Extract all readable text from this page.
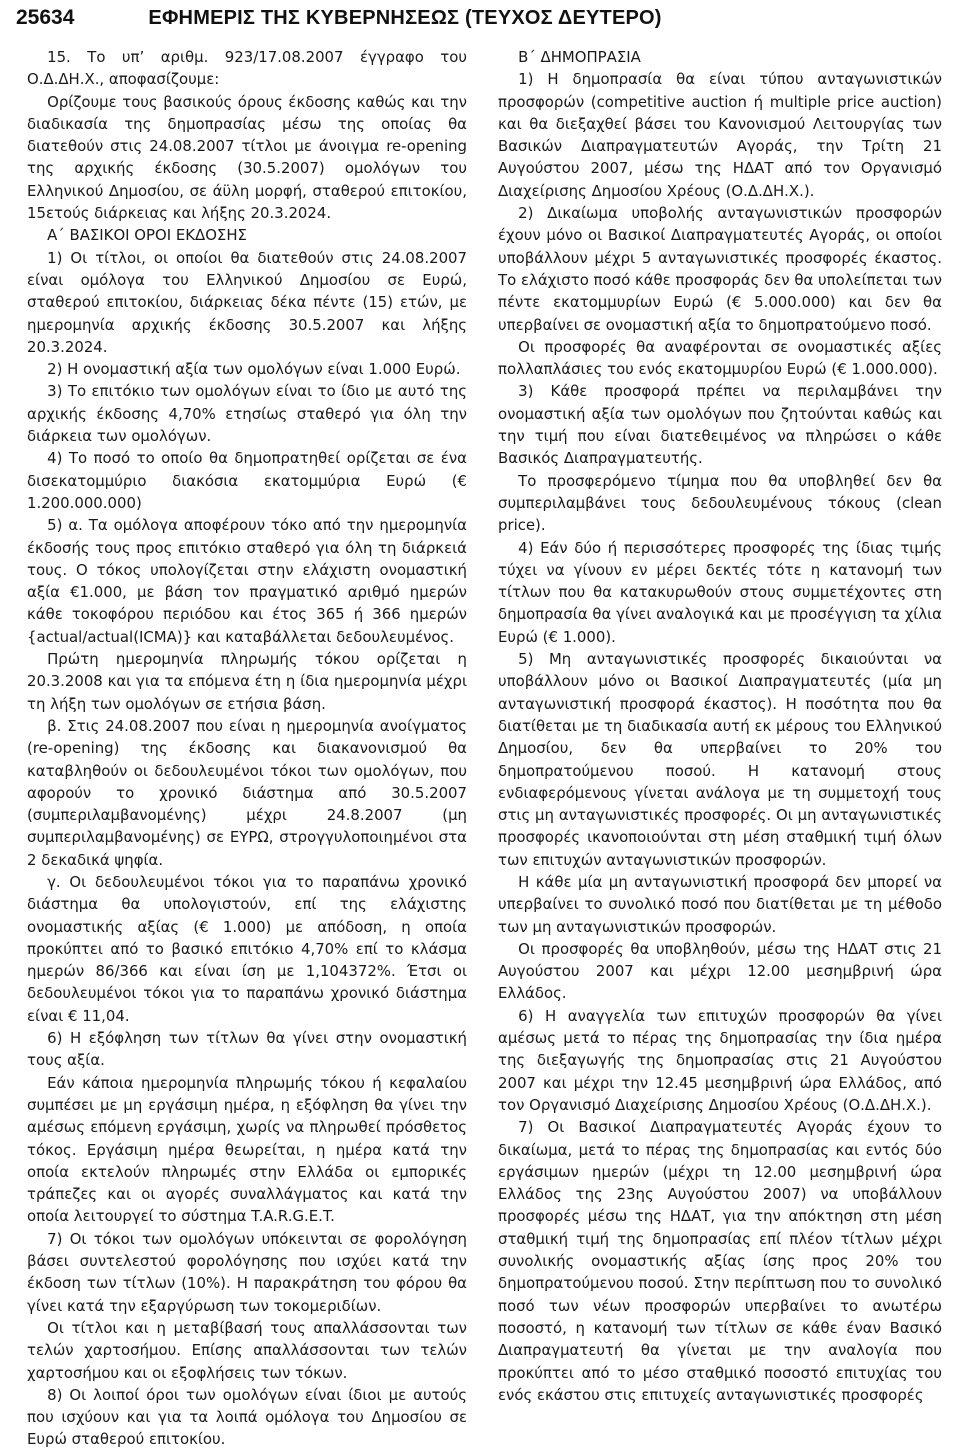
25634	ΕΦΗΜΕΡΙΣ ΤΗΣ ΚΥΒΕΡΝΗΣΕΩΣ (ΤΕΥΧΟΣ ΔΕΥΤΕΡΟ)

15. Το υπ’ αριθμ. 923/17.08.2007 έγγραφο του Ο.Δ.ΔΗ.Χ., αποφασίζουμε:

Ορίζουμε τους βασικούς όρους έκδοσης καθώς και την διαδικασία της δημοπρασίας μέσω της οποίας θα διατεθούν στις 24.08.2007 τίτλοι με άνοιγμα re-opening της αρχικής έκδοσης (30.5.2007) ομολόγων του Ελληνικού Δημοσίου, σε άϋλη μορφή, σταθερού επιτοκίου, 15ετούς διάρκειας και λήξης 20.3.2024.

Α΄ ΒΑΣΙΚΟΙ ΟΡΟΙ ΕΚΔΟΣΗΣ

1) Οι τίτλοι, οι οποίοι θα διατεθούν στις 24.08.2007 είναι ομόλογα του Ελληνικού Δημοσίου σε Ευρώ, σταθερού επιτοκίου, διάρκειας δέκα πέντε (15) ετών, με ημερομηνία αρχικής έκδοσης 30.5.2007 και λήξης 20.3.2024.

2) Η ονομαστική αξία των ομολόγων είναι 1.000 Ευρώ.

3) Το επιτόκιο των ομολόγων είναι το ίδιο με αυτό της αρχικής έκδοσης 4,70% ετησίως σταθερό για όλη την διάρκεια των ομολόγων.

4) Το ποσό το οποίο θα δημοπρατηθεί ορίζεται σε ένα δισεκατομμύριο διακόσια εκατομμύρια Ευρώ (€ 1.200.000.000)

5) α. Τα ομόλογα αποφέρουν τόκο από την ημερομηνία έκδοσής τους προς επιτόκιο σταθερό για όλη τη διάρκειά τους. Ο τόκος υπολογίζεται στην ελάχιστη ονομαστική αξία €1.000, με βάση τον πραγματικό αριθμό ημερών κάθε τοκοφόρου περιόδου και έτος 365 ή 366 ημερών {actual/actual(ICMA)} και καταβάλλεται δεδουλευμένος.

Πρώτη ημερομηνία πληρωμής τόκου ορίζεται η 20.3.2008 και για τα επόμενα έτη η ίδια ημερομηνία μέχρι τη λήξη των ομολόγων σε ετήσια βάση.

β. Στις 24.08.2007 που είναι η ημερομηνία ανοίγματος (re-opening) της έκδοσης και διακανονισμού θα καταβληθούν οι δεδουλευμένοι τόκοι των ομολόγων, που αφορούν το χρονικό διάστημα από 30.5.2007 (συμπεριλαμβανομένης) μέχρι 24.8.2007 (μη συμπεριλαμβανομένης) σε ΕΥΡΩ, στρογγυλοποιημένοι στα 2 δεκαδικά ψηφία.

γ. Οι δεδουλευμένοι τόκοι για το παραπάνω χρονικό διάστημα θα υπολογιστούν, επί της ελάχιστης ονομαστικής αξίας (€ 1.000) με απόδοση, η οποία προκύπτει από το βασικό επιτόκιο 4,70% επί το κλάσμα ημερών 86/366 και είναι ίση με 1,104372%. Έτσι οι δεδουλευμένοι τόκοι για το παραπάνω χρονικό διάστημα είναι € 11,04.

6) Η εξόφληση των τίτλων θα γίνει στην ονομαστική τους αξία.

Εάν κάποια ημερομηνία πληρωμής τόκου ή κεφαλαίου συμπέσει με μη εργάσιμη ημέρα, η εξόφληση θα γίνει την αμέσως επόμενη εργάσιμη, χωρίς να πληρωθεί πρόσθετος τόκος. Εργάσιμη ημέρα θεωρείται, η ημέρα κατά την οποία εκτελούν πληρωμές στην Ελλάδα οι εμπορικές τράπεζες και οι αγορές συναλλάγματος και κατά την οποία λειτουργεί το σύστημα T.A.R.G.E.T.

7) Οι τόκοι των ομολόγων υπόκεινται σε φορολόγηση βάσει συντελεστού φορολόγησης που ισχύει κατά την έκδοση των τίτλων (10%). Η παρακράτηση του φόρου θα γίνει κατά την εξαργύρωση των τοκομεριδίων.

Οι τίτλοι και η μεταβίβασή τους απαλλάσσονται των τελών χαρτοσήμου. Επίσης απαλλάσσονται των τελών χαρτοσήμου και οι εξοφλήσεις των τόκων.

8) Οι λοιποί όροι των ομολόγων είναι ίδιοι με αυτούς που ισχύουν και για τα λοιπά ομόλογα του Δημοσίου σε Ευρώ σταθερού επιτοκίου.

Β΄ ΔΗΜΟΠΡΑΣΙΑ

1) Η δημοπρασία θα είναι τύπου ανταγωνιστικών προσφορών (competitive auction ή multiple price auction) και θα διεξαχθεί βάσει του Κανονισμού Λειτουργίας των Βασικών Διαπραγματευτών Αγοράς, την Τρίτη 21 Αυγούστου 2007, μέσω της ΗΔΑΤ από τον Οργανισμό Διαχείρισης Δημοσίου Χρέους (Ο.Δ.ΔΗ.Χ.).

2) Δικαίωμα υποβολής ανταγωνιστικών προσφορών έχουν μόνο οι Βασικοί Διαπραγματευτές Αγοράς, οι οποίοι υποβάλλουν μέχρι 5 ανταγωνιστικές προσφορές έκαστος. Το ελάχιστο ποσό κάθε προσφοράς δεν θα υπολείπεται των πέντε εκατομμυρίων Ευρώ (€ 5.000.000) και δεν θα υπερβαίνει σε ονομαστική αξία το δημοπρατούμενο ποσό.

Οι προσφορές θα αναφέρονται σε ονομαστικές αξίες πολλαπλάσιες του ενός εκατομμυρίου Ευρώ (€ 1.000.000).

3) Κάθε προσφορά πρέπει να περιλαμβάνει την ονομαστική αξία των ομολόγων που ζητούνται καθώς και την τιμή που είναι διατεθειμένος να πληρώσει ο κάθε Βασικός Διαπραγματευτής.

Το προσφερόμενο τίμημα που θα υποβληθεί δεν θα συμπεριλαμβάνει τους δεδουλευμένους τόκους (clean price).

4) Εάν δύο ή περισσότερες προσφορές της ίδιας τιμής τύχει να γίνουν εν μέρει δεκτές τότε η κατανομή των τίτλων που θα κατακυρωθούν στους συμμετέχοντες στη δημοπρασία θα γίνει αναλογικά και με προσέγγιση τα χίλια Ευρώ (€ 1.000).

5) Μη ανταγωνιστικές προσφορές δικαιούνται να υποβάλλουν μόνο οι Βασικοί Διαπραγματευτές (μία μη ανταγωνιστική προσφορά έκαστος). Η ποσότητα που θα διατίθεται με τη διαδικασία αυτή εκ μέρους του Ελληνικού Δημοσίου, δεν θα υπερβαίνει το 20% του δημοπρατούμενου ποσού. Η κατανομή στους ενδιαφερόμενους γίνεται ανάλογα με τη συμμετοχή τους στις μη ανταγωνιστικές προσφορές. Οι μη ανταγωνιστικές προσφορές ικανοποιούνται στη μέση σταθμική τιμή όλων των επιτυχών ανταγωνιστικών προσφορών.

Η κάθε μία μη ανταγωνιστική προσφορά δεν μπορεί να υπερβαίνει το συνολικό ποσό που διατίθεται με τη μέθοδο των μη ανταγωνιστικών προσφορών.

Οι προσφορές θα υποβληθούν, μέσω της ΗΔΑΤ στις 21 Αυγούστου 2007 και μέχρι 12.00 μεσημβρινή ώρα Ελλάδος.

6) Η αναγγελία των επιτυχών προσφορών θα γίνει αμέσως μετά το πέρας της δημοπρασίας την ίδια ημέρα της διεξαγωγής της δημοπρασίας στις 21 Αυγούστου 2007 και μέχρι την 12.45 μεσημβρινή ώρα Ελλάδος, από τον Οργανισμό Διαχείρισης Δημοσίου Χρέους (Ο.Δ.ΔΗ.Χ.).

7) Οι Βασικοί Διαπραγματευτές Αγοράς έχουν το δικαίωμα, μετά το πέρας της δημοπρασίας και εντός δύο εργάσιμων ημερών (μέχρι τη 12.00 μεσημβρινή ώρα Ελλάδος της 23ης Αυγούστου 2007) να υποβάλλουν προσφορές μέσω της ΗΔΑΤ, για την απόκτηση στη μέση σταθμική τιμή της δημοπρασίας επί πλέον τίτλων μέχρι συνολικής ονομαστικής αξίας ίσης προς 20% του δημοπρατούμενου ποσού. Στην περίπτωση που το συνολικό ποσό των νέων προσφορών υπερβαίνει το ανωτέρω ποσοστό, η κατανομή των τίτλων σε κάθε έναν Βασικό Διαπραγματευτή θα γίνεται με την αναλογία που προκύπτει από το μέσο σταθμικό ποσοστό επιτυχίας του ενός εκάστου στις επιτυχείς ανταγωνιστικές προσφορές
